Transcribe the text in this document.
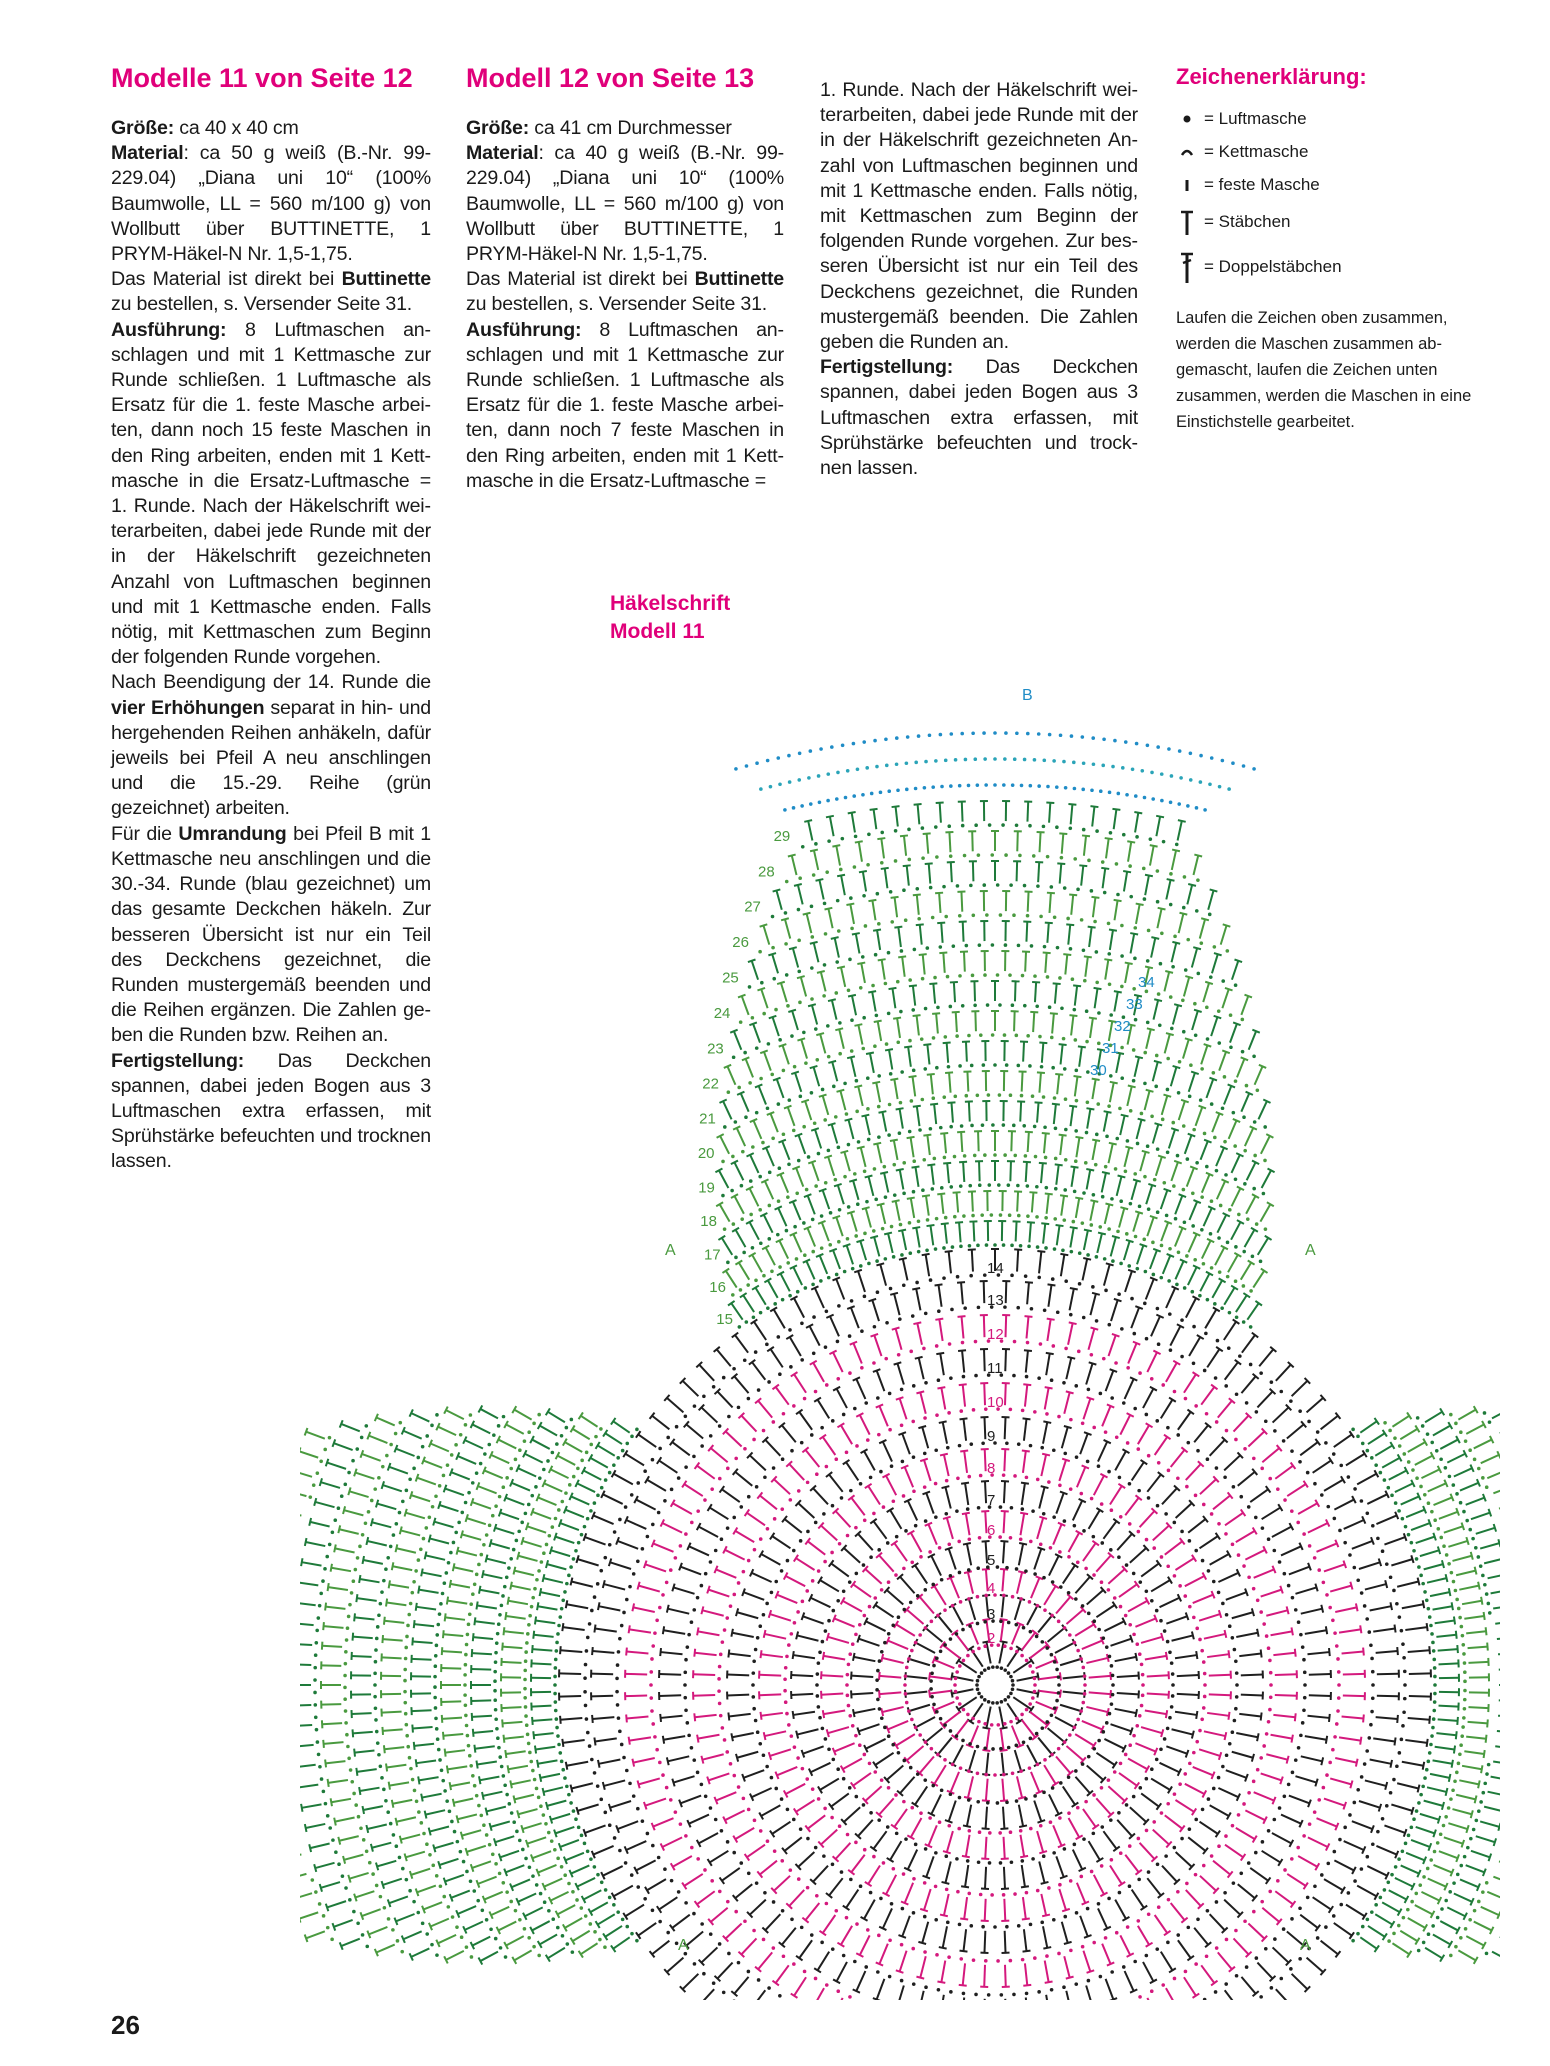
Modelle 11 von Seite 12

Größe: ca 40 x 40 cm

Material: ca 50 g weiß (B.-Nr. 99-229.04) „Diana uni 10“ (100% Baumwolle, LL = 560 m/100 g) von Wollbutt über BUTTINETTE, 1 PRYM-Häkel-N Nr. 1,5-1,75.

Das Material ist direkt bei Buttinette zu bestellen, s. Versender Seite 31.

Ausführung: 8 Luftmaschen anschlagen und mit 1 Kettmasche zur Runde schließen. 1 Luftmasche als Ersatz für die 1. feste Masche arbeiten, dann noch 15 feste Maschen in den Ring arbeiten, enden mit 1 Kettmasche in die Ersatz-Luftmasche = 1. Runde. Nach der Häkelschrift weiterarbeiten, dabei jede Runde mit der in der Häkelschrift gezeichneten Anzahl von Luftmaschen beginnen und mit 1 Kettmasche enden. Falls nötig, mit Kettmaschen zum Beginn der folgenden Runde vorgehen.

Nach Beendigung der 14. Runde die vier Erhöhungen separat in hin- und hergehenden Reihen anhäkeln, dafür jeweils bei Pfeil A neu anschlingen und die 15.-29. Reihe (grün gezeichnet) arbeiten.

Für die Umrandung bei Pfeil B mit 1 Kettmasche neu anschlingen und die 30.-34. Runde (blau gezeichnet) um das gesamte Deckchen häkeln. Zur besseren Übersicht ist nur ein Teil des Deckchens gezeichnet, die Runden mustergemäß beenden und die Reihen ergänzen. Die Zahlen geben die Runden bzw. Reihen an.

Fertigstellung: Das Deckchen spannen, dabei jeden Bogen aus 3 Luftmaschen extra erfassen, mit Sprühstärke befeuchten und trocknen lassen.

Modell 12 von Seite 13

Größe: ca 41 cm Durchmesser

Material: ca 40 g weiß (B.-Nr. 99-229.04) „Diana uni 10“ (100% Baumwolle, LL = 560 m/100 g) von Wollbutt über BUTTINETTE, 1 PRYM-Häkel-N Nr. 1,5-1,75.

Das Material ist direkt bei Buttinette zu bestellen, s. Versender Seite 31.

Ausführung: 8 Luftmaschen anschlagen und mit 1 Kettmasche zur Runde schließen. 1 Luftmasche als Ersatz für die 1. feste Masche arbeiten, dann noch 7 feste Maschen in den Ring arbeiten, enden mit 1 Kettmasche in die Ersatz-Luftmasche =

1. Runde. Nach der Häkelschrift weiterarbeiten, dabei jede Runde mit der in der Häkelschrift gezeichneten Anzahl von Luftmaschen beginnen und mit 1 Kettmasche enden. Falls nötig, mit Kettmaschen zum Beginn der folgenden Runde vorgehen. Zur besseren Übersicht ist nur ein Teil des Deckchens gezeichnet, die Runden mustergemäß beenden. Die Zahlen geben die Runden an.

Fertigstellung: Das Deckchen spannen, dabei jeden Bogen aus 3 Luftmaschen extra erfassen, mit Sprühstärke befeuchten und trocknen lassen.

Zeichenerklärung:
= Luftmasche
= Kettmasche
= feste Masche
= Stäbchen
= Doppelstäbchen
Laufen die Zeichen oben zusammen, werden die Maschen zusammen abgemascht, laufen die Zeichen unten zusammen, werden die Maschen in eine Einstichstelle gearbeitet.
Häkelschrift
Modell 11
2
3
4
5
6
7
8
9
10
11
12
13
14
15
16
17
18
19
20
21
22
23
24
25
26
27
28
29
30
31
32
33
34
A	A
A	A
B
26
